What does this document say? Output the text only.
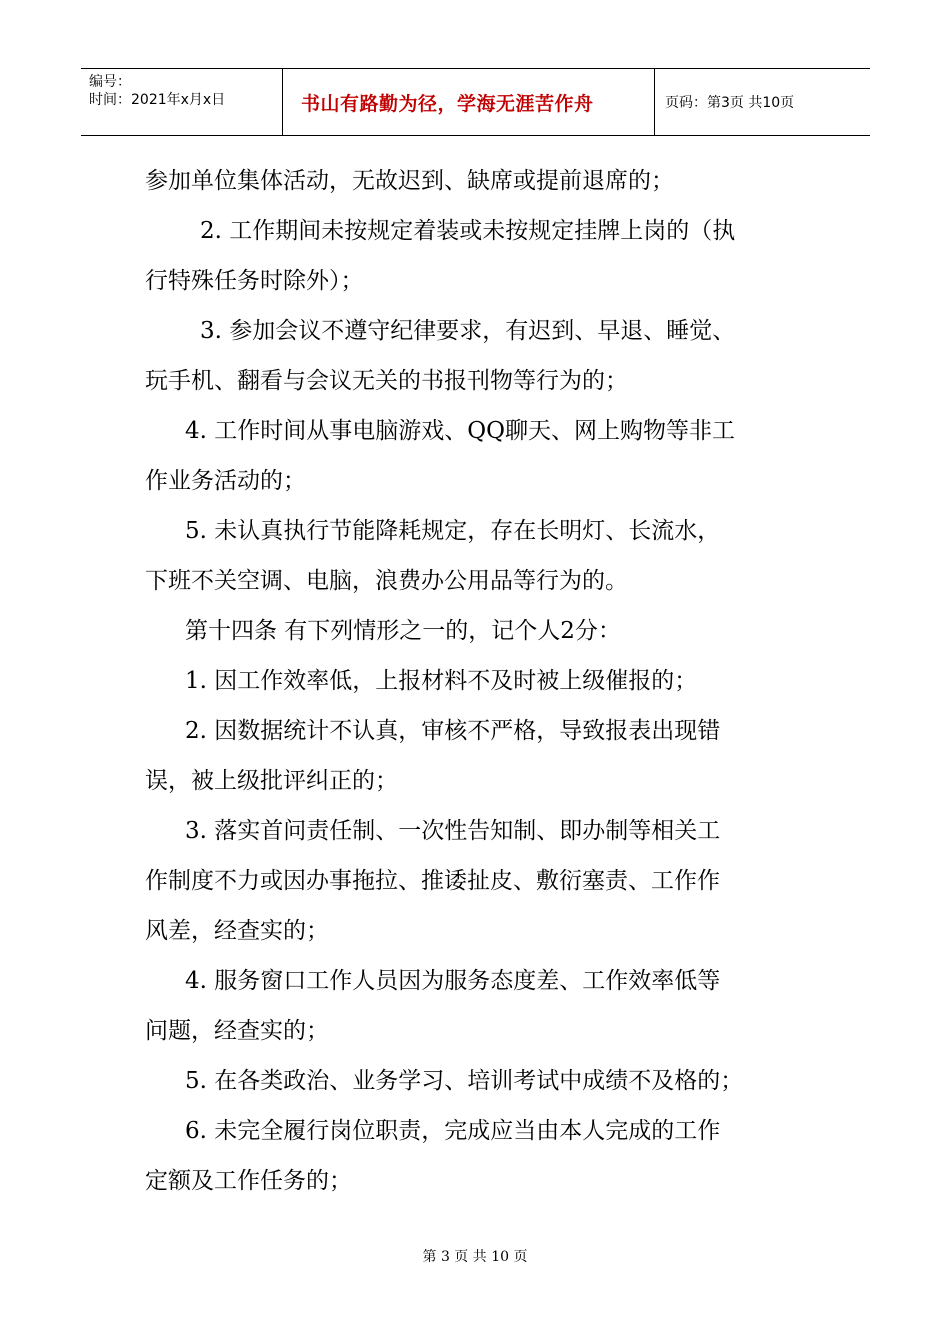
编号：
时间：2021年x月x日	书山有路勤为径，学海无涯苦作舟	页码：第3页 共10页

参加单位集体活动，无故迟到、缺席或提前退席的；

2. 工作期间未按规定着装或未按规定挂牌上岗的（执

行特殊任务时除外）；

3. 参加会议不遵守纪律要求，有迟到、早退、睡觉、

玩手机、翻看与会议无关的书报刊物等行为的；

4. 工作时间从事电脑游戏、QQ聊天、网上购物等非工

作业务活动的；

5. 未认真执行节能降耗规定，存在长明灯、长流水，

下班不关空调、电脑，浪费办公用品等行为的。

第十四条 有下列情形之一的，记个人2分：

1. 因工作效率低，上报材料不及时被上级催报的；

2. 因数据统计不认真，审核不严格，导致报表出现错

误，被上级批评纠正的；

3. 落实首问责任制、一次性告知制、即办制等相关工

作制度不力或因办事拖拉、推诿扯皮、敷衍塞责、工作作

风差，经查实的；

4. 服务窗口工作人员因为服务态度差、工作效率低等

问题，经查实的；

5. 在各类政治、业务学习、培训考试中成绩不及格的；

6. 未完全履行岗位职责，完成应当由本人完成的工作

定额及工作任务的；

第 3 页 共 10 页
